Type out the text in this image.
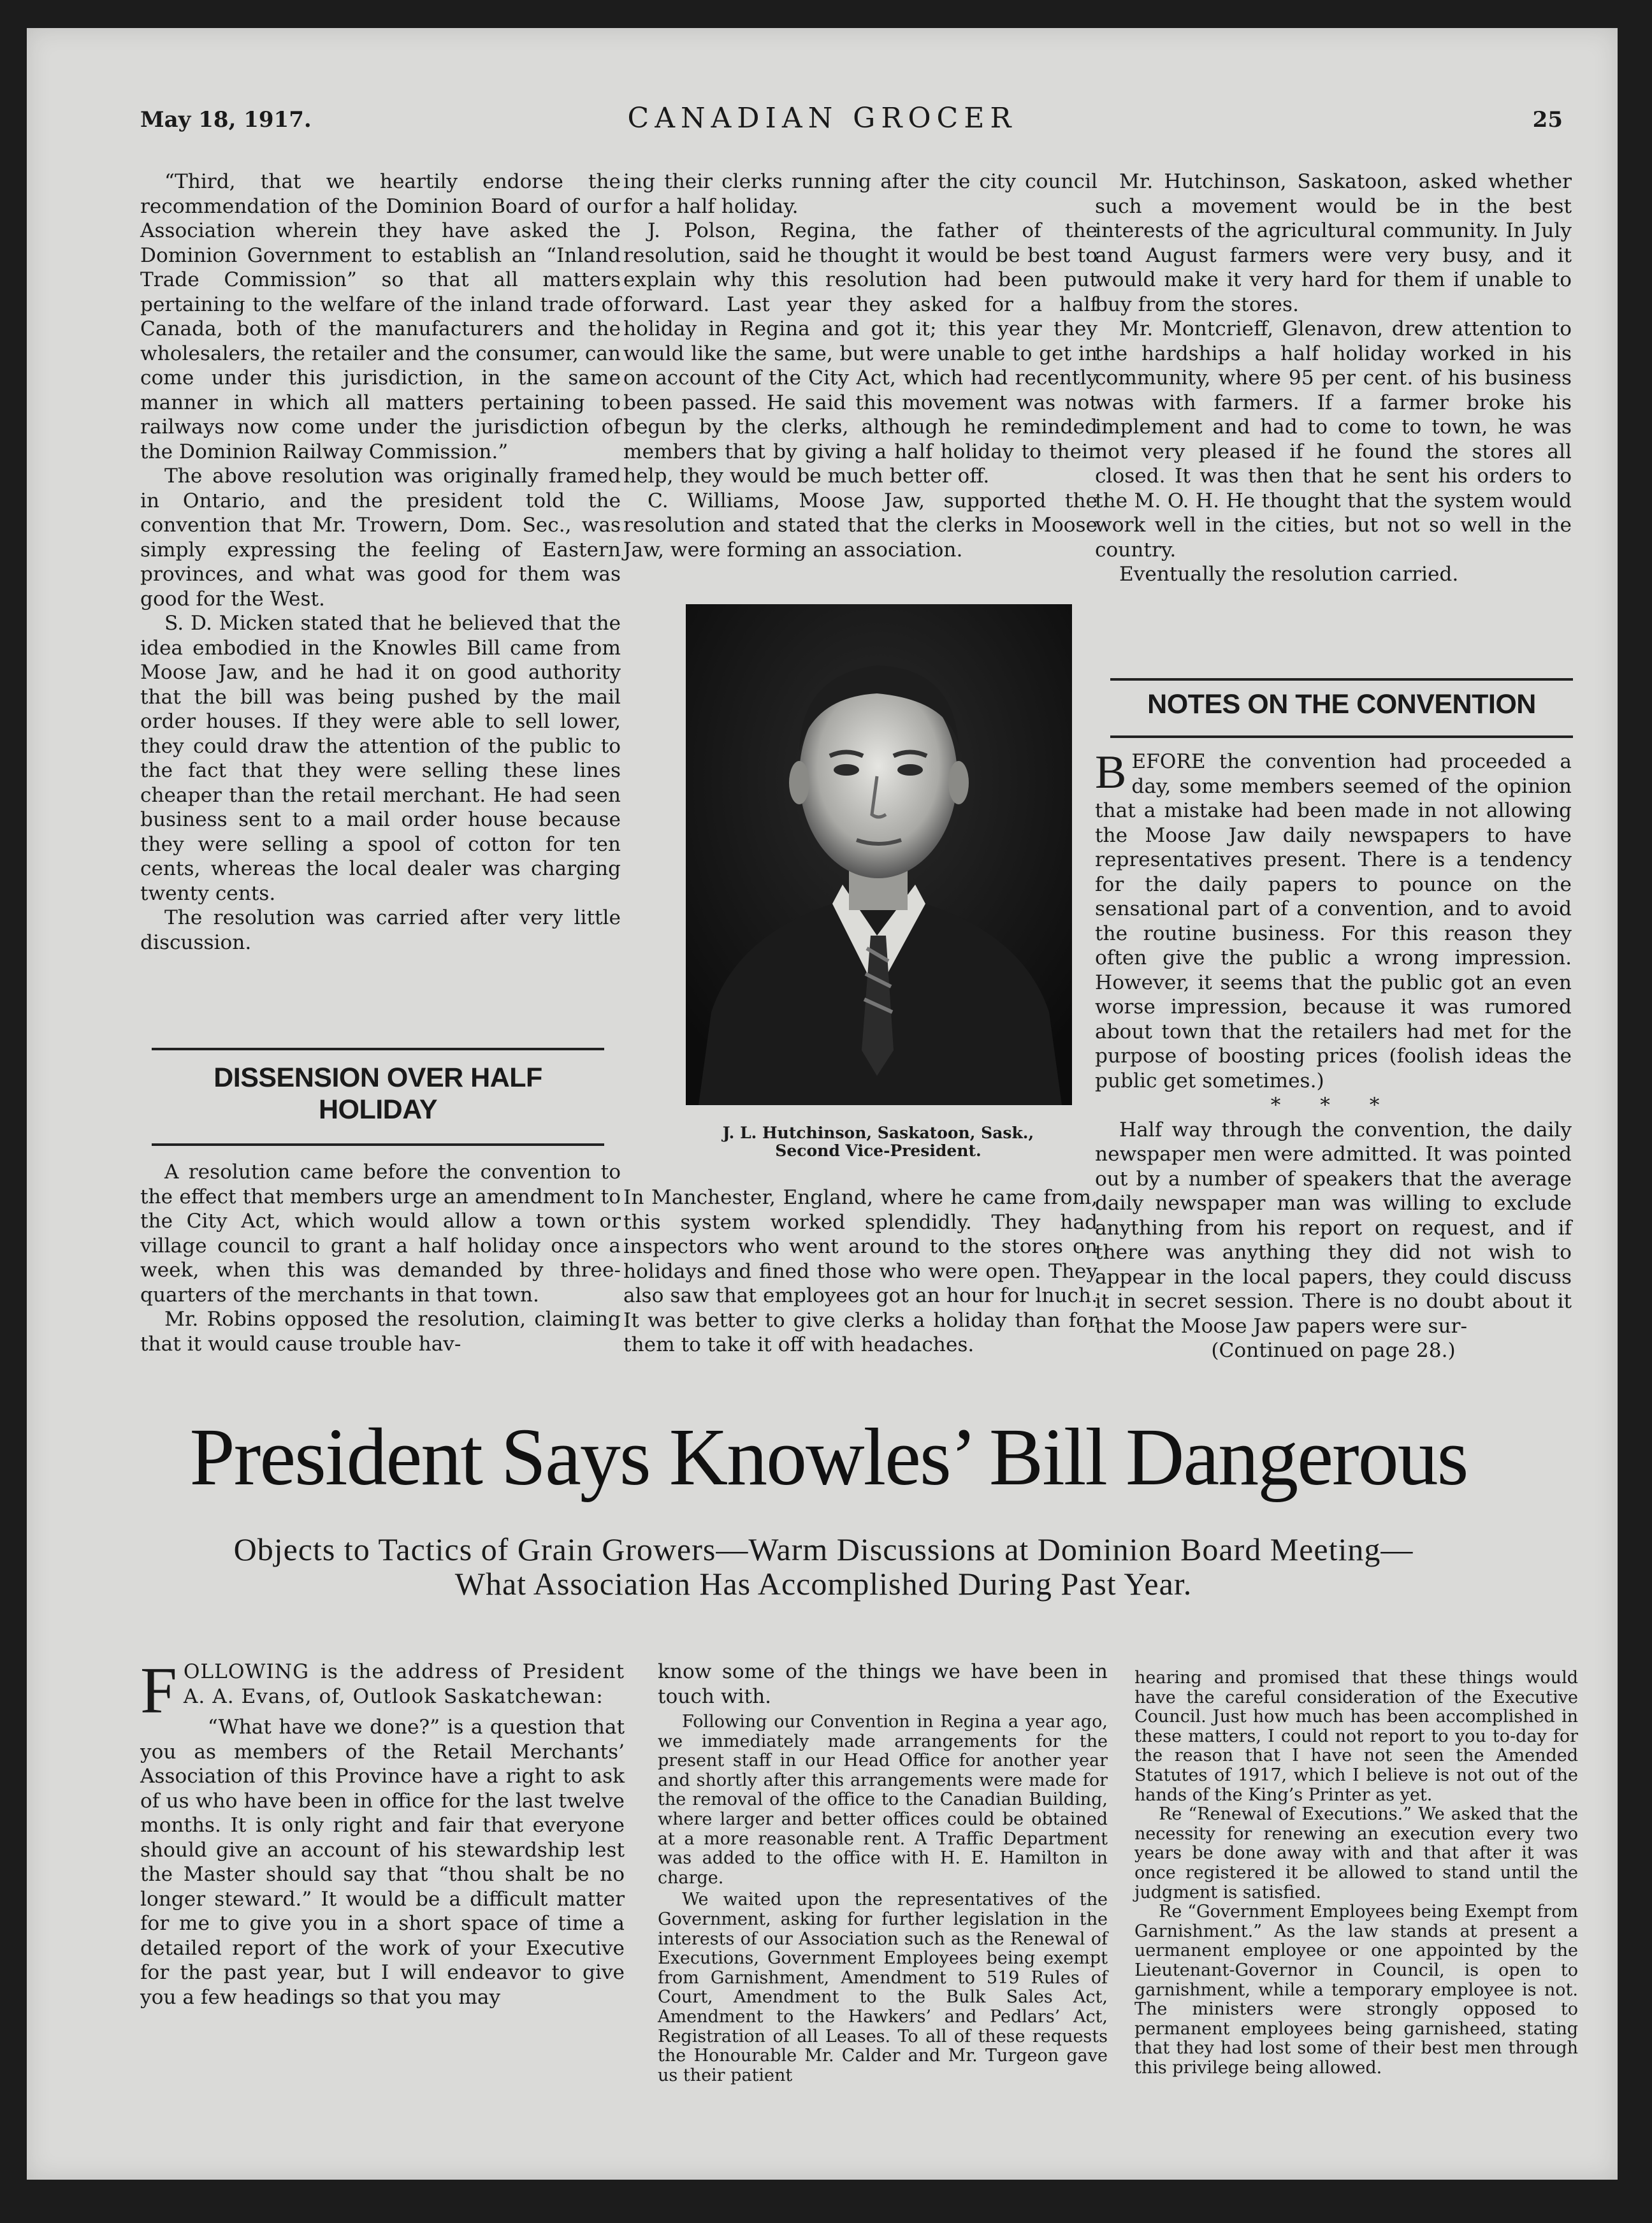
May 18, 1917.	CANADIAN GROCER	25

“Third, that we heartily endorse the recommendation of the Dominion Board of our Association wherein they have asked the Dominion Government to establish an “Inland Trade Commission” so that all matters pertaining to the welfare of the inland trade of Canada, both of the manufacturers and the wholesalers, the retailer and the consumer, can come under this jurisdiction, in the same manner in which all matters pertaining to railways now come under the jurisdiction of the Dominion Railway Commission.”

The above resolution was originally framed in Ontario, and the president told the convention that Mr. Trowern, Dom. Sec., was simply expressing the feeling of Eastern provinces, and what was good for them was good for the West.

S. D. Micken stated that he believed that the idea embodied in the Knowles Bill came from Moose Jaw, and he had it on good authority that the bill was being pushed by the mail order houses. If they were able to sell lower, they could draw the attention of the public to the fact that they were selling these lines cheaper than the retail merchant. He had seen business sent to a mail order house because they were selling a spool of cotton for ten cents, whereas the local dealer was charging twenty cents.

The resolution was carried after very little discussion.

DISSENSION OVER HALF HOLIDAY

A resolution came before the convention to the effect that members urge an amendment to the City Act, which would allow a town or village council to grant a half holiday once a week, when this was demanded by three-quarters of the merchants in that town.

Mr. Robins opposed the resolution, claiming that it would cause trouble hav-

ing their clerks running after the city council for a half holiday.

J. Polson, Regina, the father of the resolution, said he thought it would be best to explain why this resolution had been put forward. Last year they asked for a half holiday in Regina and got it; this year they would like the same, but were unable to get in on account of the City Act, which had recently been passed. He said this movement was not begun by the clerks, although he reminded members that by giving a half holiday to their help, they would be much better off.

C. Williams, Moose Jaw, supported the resolution and stated that the clerks in Moose Jaw, were forming an association.

J. L. Hutchinson, Saskatoon, Sask.,
Second Vice-President.

In Manchester, England, where he came from, this system worked splendidly. They had inspectors who went around to the stores on holidays and fined those who were open. They also saw that employees got an hour for lnuch. It was better to give clerks a holiday than for them to take it off with headaches.

Mr. Hutchinson, Saskatoon, asked whether such a movement would be in the best interests of the agricultural community. In July and August farmers were very busy, and it would make it very hard for them if unable to buy from the stores.

Mr. Montcrieff, Glenavon, drew attention to the hardships a half holiday worked in his community, where 95 per cent. of his business was with farmers. If a farmer broke his implement and had to come to town, he was not very pleased if he found the stores all closed. It was then that he sent his orders to the M. O. H. He thought that the system would work well in the cities, but not so well in the country.

Eventually the resolution carried.

NOTES ON THE CONVENTION

BEFORE the convention had proceeded a day, some members seemed of the opinion that a mistake had been made in not allowing the Moose Jaw daily newspapers to have representatives present. There is a tendency for the daily papers to pounce on the sensational part of a convention, and to avoid the routine business. For this reason they often give the public a wrong impression. However, it seems that the public got an even worse impression, because it was rumored about town that the retailers had met for the purpose of boosting prices (foolish ideas the public get sometimes.)

* * *

Half way through the convention, the daily newspaper men were admitted. It was pointed out by a number of speakers that the average daily newspaper man was willing to exclude anything from his report on request, and if there was anything they did not wish to appear in the local papers, they could discuss it in secret session. There is no doubt about it that the Moose Jaw papers were sur-

(Continued on page 28.)

President Says Knowles’ Bill Dangerous
Objects to Tactics of Grain Growers—Warm Discussions at Dominion Board Meeting—What Association Has Accomplished During Past Year.

FOLLOWING is the address of President A. A. Evans, of, Outlook Saskatchewan:

“What have we done?” is a question that you as members of the Retail Merchants’ Association of this Province have a right to ask of us who have been in office for the last twelve months. It is only right and fair that everyone should give an account of his stewardship lest the Master should say that “thou shalt be no longer steward.” It would be a difficult matter for me to give you in a short space of time a detailed report of the work of your Executive for the past year, but I will endeavor to give you a few headings so that you may

know some of the things we have been in touch with.

Following our Convention in Regina a year ago, we immediately made arrangements for the present staff in our Head Office for another year and shortly after this arrangements were made for the removal of the office to the Canadian Building, where larger and better offices could be obtained at a more reasonable rent. A Traffic Department was added to the office with H. E. Hamilton in charge.

We waited upon the representatives of the Government, asking for further legislation in the interests of our Association such as the Renewal of Executions, Government Employees being exempt from Garnishment, Amendment to 519 Rules of Court, Amendment to the Bulk Sales Act, Amendment to the Hawkers’ and Pedlars’ Act, Registration of all Leases. To all of these requests the Honourable Mr. Calder and Mr. Turgeon gave us their patient

hearing and promised that these things would have the careful consideration of the Executive Council. Just how much has been accomplished in these matters, I could not report to you to-day for the reason that I have not seen the Amended Statutes of 1917, which I believe is not out of the hands of the King’s Printer as yet.

Re “Renewal of Executions.” We asked that the necessity for renewing an execution every two years be done away with and that after it was once registered it be allowed to stand until the judgment is satisfied.

Re “Government Employees being Exempt from Garnishment.” As the law stands at present a uermanent employee or one appointed by the Lieutenant-Governor in Council, is open to garnishment, while a temporary employee is not. The ministers were strongly opposed to permanent employees being garnisheed, stating that they had lost some of their best men through this privilege being allowed.
